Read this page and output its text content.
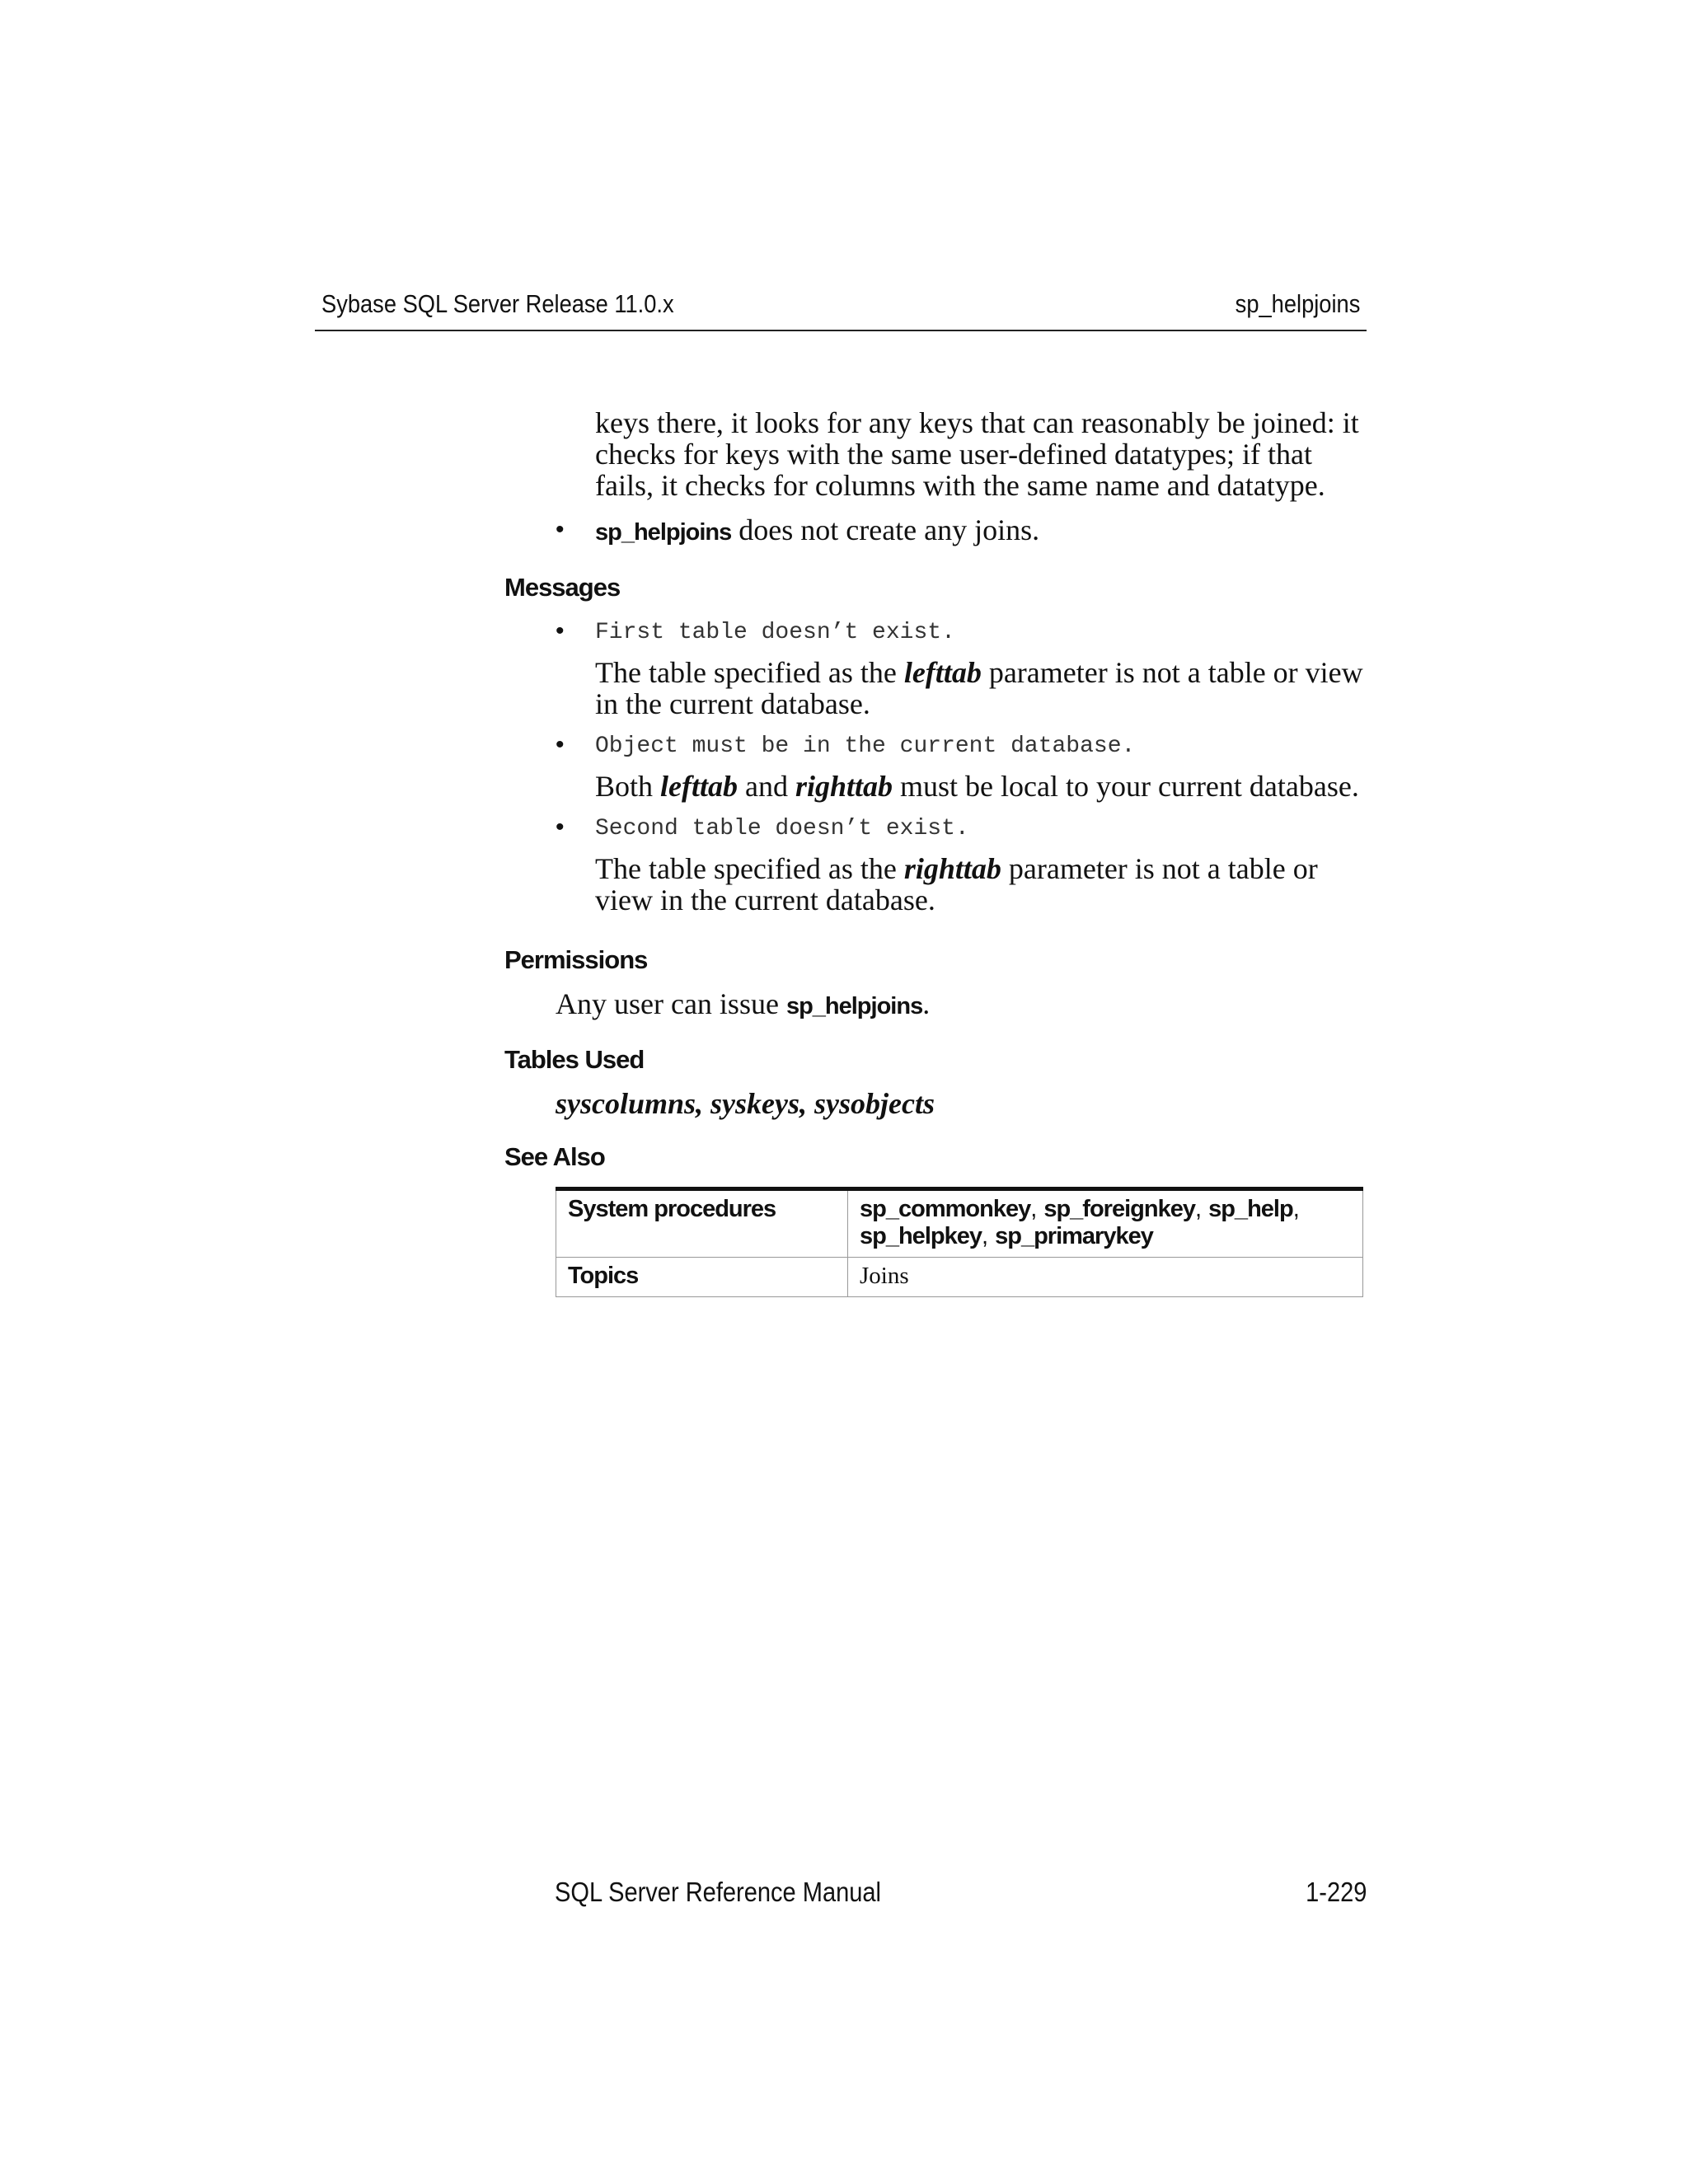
Sybase SQL Server Release 11.0.x	sp_helpjoins

keys there, it looks for any keys that can reasonably be joined: it checks for keys with the same user-defined datatypes; if that fails, it checks for columns with the same name and datatype.

• sp_helpjoins does not create any joins.

Messages

• First table doesn’t exist.

The table specified as the lefttab parameter is not a table or view in the current database.

• Object must be in the current database.

Both lefttab and righttab must be local to your current database.

• Second table doesn’t exist.

The table specified as the righttab parameter is not a table or view in the current database.

Permissions

Any user can issue sp_helpjoins.

Tables Used

syscolumns, syskeys, sysobjects

See Also

System procedures	sp_commonkey, sp_foreignkey, sp_help,
sp_helpkey, sp_primarykey
Topics	Joins
SQL Server Reference Manual	1-229
